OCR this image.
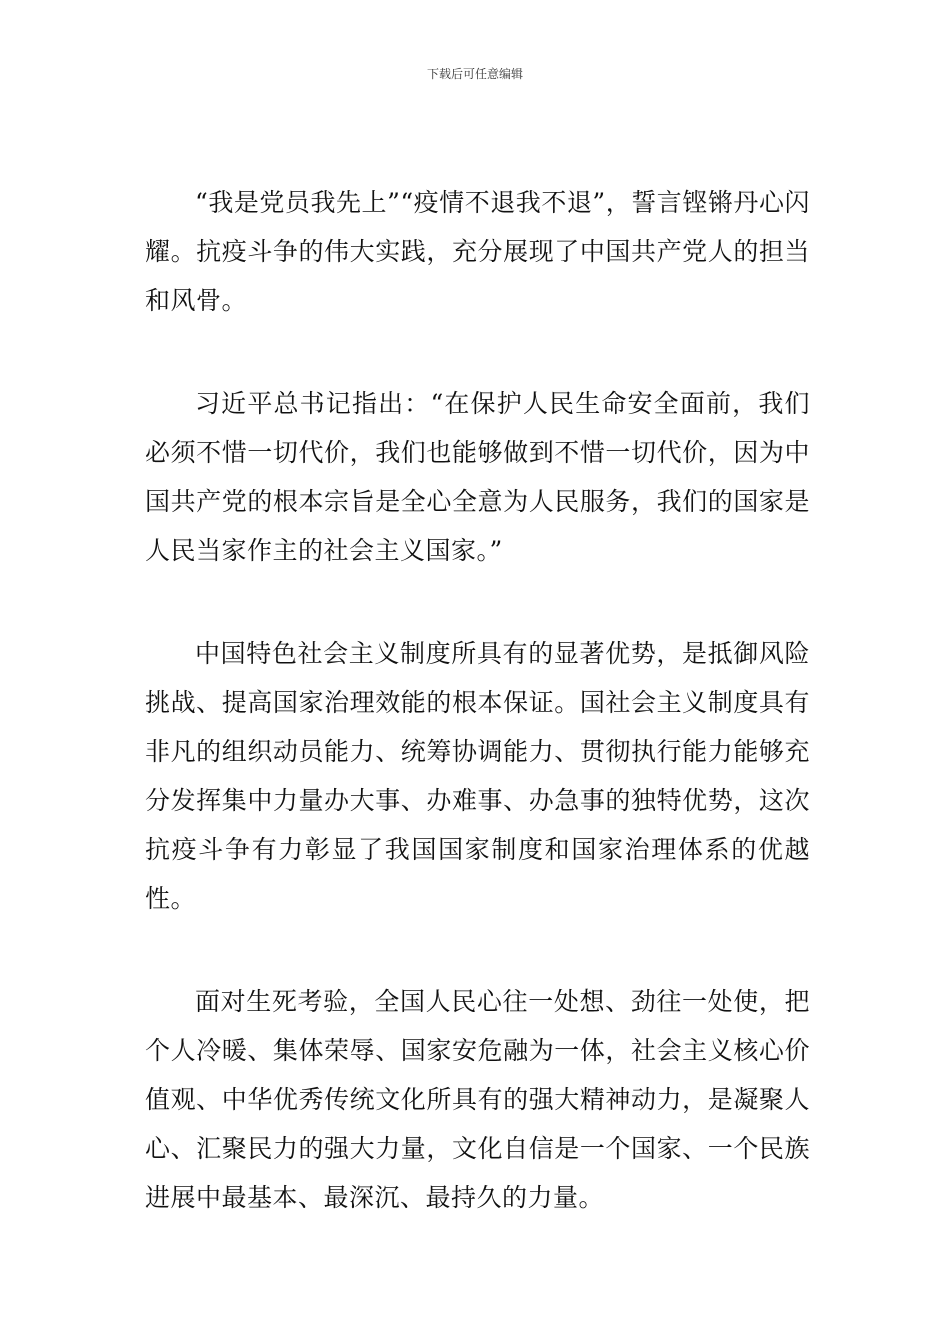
下载后可任意编辑

“我是党员我先上”“疫情不退我不退”，誓言铿锵丹心闪耀。抗疫斗争的伟大实践，充分展现了中国共产党人的担当和风骨。

习近平总书记指出：“在保护人民生命安全面前，我们必须不惜一切代价，我们也能够做到不惜一切代价，因为中国共产党的根本宗旨是全心全意为人民服务，我们的国家是人民当家作主的社会主义国家。”

中国特色社会主义制度所具有的显著优势，是抵御风险挑战、提高国家治理效能的根本保证。国社会主义制度具有非凡的组织动员能力、统筹协调能力、贯彻执行能力能够充分发挥集中力量办大事、办难事、办急事的独特优势，这次抗疫斗争有力彰显了我国国家制度和国家治理体系的优越性。

面对生死考验，全国人民心往一处想、劲往一处使，把个人冷暖、集体荣辱、国家安危融为一体，社会主义核心价值观、中华优秀传统文化所具有的强大精神动力，是凝聚人心、汇聚民力的强大力量，文化自信是一个国家、一个民族进展中最基本、最深沉、最持久的力量。
